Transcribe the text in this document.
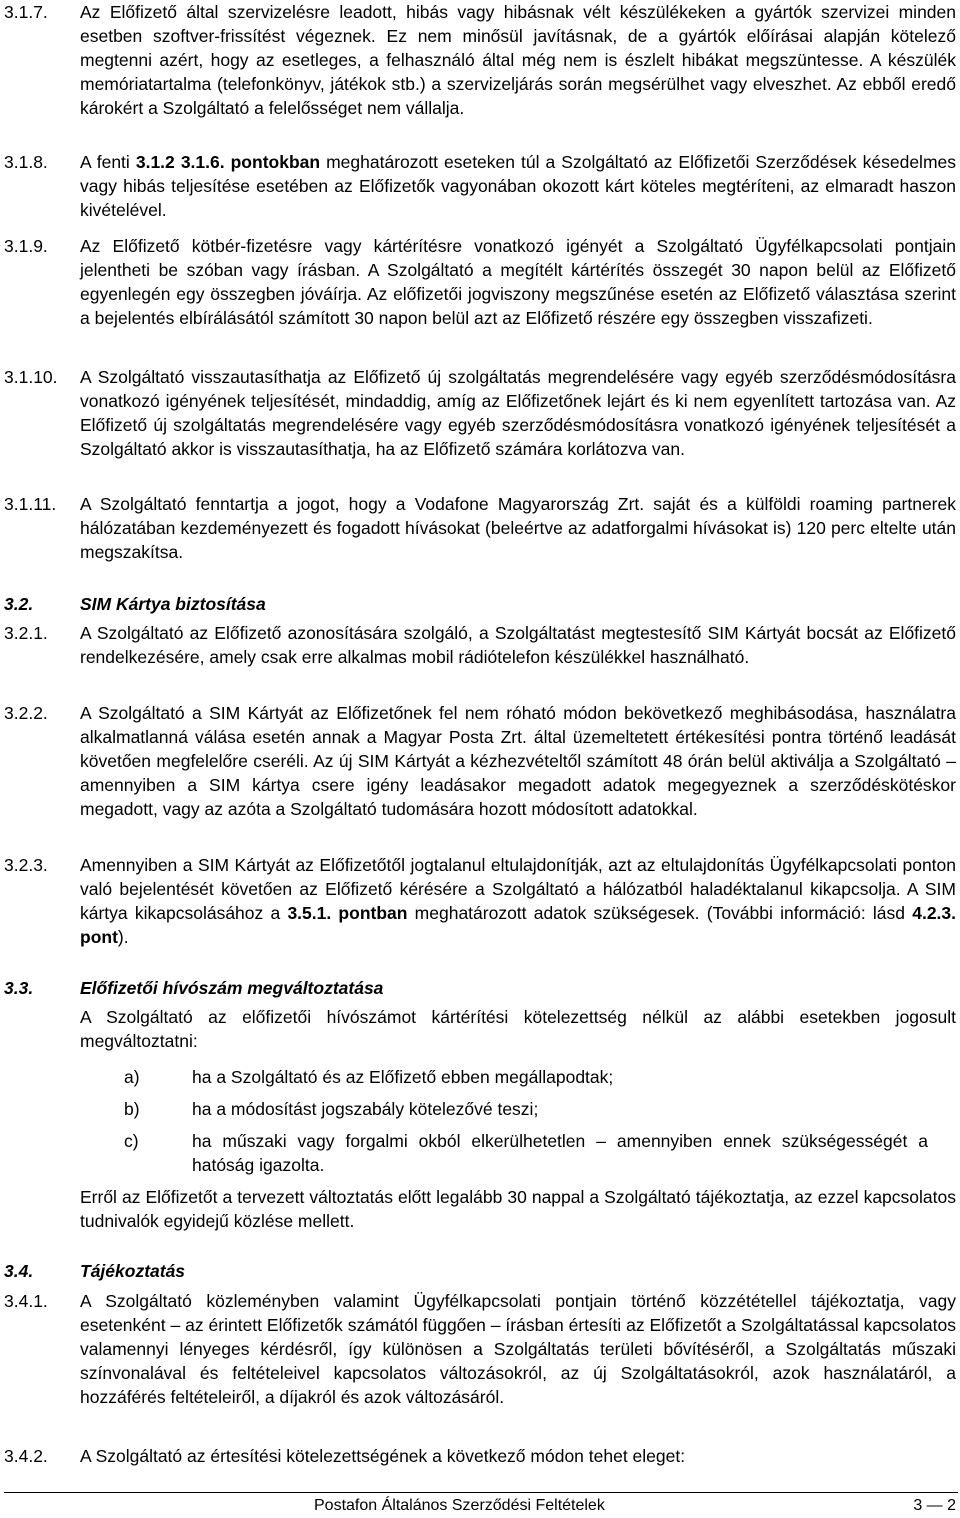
3.1.7. Az Előfizető által szervizelésre leadott, hibás vagy hibásnak vélt készülékeken a gyártók szervizei minden esetben szoftver-frissítést végeznek. Ez nem minősül javításnak, de a gyártók előírásai alapján kötelező megtenni azért, hogy az esetleges, a felhasználó által még nem is észlelt hibákat megszüntesse. A készülék memóriatartalma (telefonkönyv, játékok stb.) a szervizeljárás során megsérülhet vagy elveszhet. Az ebből eredő károkért a Szolgáltató a felelősséget nem vállalja.
3.1.8. A fenti 3.1.2 3.1.6. pontokban meghatározott eseteken túl a Szolgáltató az Előfizetői Szerződések késedelmes vagy hibás teljesítése esetében az Előfizetők vagyonában okozott kárt köteles megtéríteni, az elmaradt haszon kivételével.
3.1.9. Az Előfizető kötbér-fizetésre vagy kártérítésre vonatkozó igényét a Szolgáltató Ügyfélkapcsolati pontjain jelentheti be szóban vagy írásban. A Szolgáltató a megítélt kártérítés összegét 30 napon belül az Előfizető egyenlegén egy összegben jóváírja. Az előfizetői jogviszony megszűnése esetén az Előfizető választása szerint a bejelentés elbírálásától számított 30 napon belül azt az Előfizető részére egy összegben visszafizeti.
3.1.10. A Szolgáltató visszautasíthatja az Előfizető új szolgáltatás megrendelésére vagy egyéb szerződésmódosításra vonatkozó igényének teljesítését, mindaddig, amíg az Előfizetőnek lejárt és ki nem egyenlített tartozása van. Az Előfizető új szolgáltatás megrendelésére vagy egyéb szerződésmódosításra vonatkozó igényének teljesítését a Szolgáltató akkor is visszautasíthatja, ha az Előfizető számára korlátozva van.
3.1.11. A Szolgáltató fenntartja a jogot, hogy a Vodafone Magyarország Zrt. saját és a külföldi roaming partnerek hálózatában kezdeményezett és fogadott hívásokat (beleértve az adatforgalmi hívásokat is) 120 perc eltelte után megszakítsa.
3.2.	SIM Kártya biztosítása
3.2.1. A Szolgáltató az Előfizető azonosítására szolgáló, a Szolgáltatást megtestesítő SIM Kártyát bocsát az Előfizető rendelkezésére, amely csak erre alkalmas mobil rádiótelefon készülékkel használható.
3.2.2. A Szolgáltató a SIM Kártyát az Előfizetőnek fel nem róható módon bekövetkező meghibásodása, használatra alkalmatlanná válása esetén annak a Magyar Posta Zrt. által üzemeltetett értékesítési pontra történő leadását követően megfelelőre cseréli. Az új SIM Kártyát a kézhezvételtől számított 48 órán belül aktiválja a Szolgáltató – amennyiben a SIM kártya csere igény leadásakor megadott adatok megegyeznek a szerződéskötéskor megadott, vagy az azóta a Szolgáltató tudomására hozott módosított adatokkal.
3.2.3. Amennyiben a SIM Kártyát az Előfizetőtől jogtalanul eltulajdonítják, azt az eltulajdonítás Ügyfélkapcsolati ponton való bejelentését követően az Előfizető kérésére a Szolgáltató a hálózatból haladéktalanul kikapcsolja. A SIM kártya kikapcsolásához a 3.5.1. pontban meghatározott adatok szükségesek. (További információ: lásd 4.2.3. pont).
3.3.	Előfizetői hívószám megváltoztatása
A Szolgáltató az előfizetői hívószámot kártérítési kötelezettség nélkül az alábbi esetekben jogosult megváltoztatni:
a)	ha a Szolgáltató és az Előfizető ebben megállapodtak;
b)	ha a módosítást jogszabály kötelezővé teszi;
c)	ha műszaki vagy forgalmi okból elkerülhetetlen – amennyiben ennek szükségességét a hatóság igazolta.
Erről az Előfizetőt a tervezett változtatás előtt legalább 30 nappal a Szolgáltató tájékoztatja, az ezzel kapcsolatos tudnivalók egyidejű közlése mellett.
3.4.	Tájékoztatás
3.4.1. A Szolgáltató közleményben valamint Ügyfélkapcsolati pontjain történő közzététellel tájékoztatja, vagy esetenként – az érintett Előfizetők számától függően – írásban értesíti az Előfizetőt a Szolgáltatással kapcsolatos valamennyi lényeges kérdésről, így különösen a Szolgáltatás területi bővítéséről, a Szolgáltatás műszaki színvonalával és feltételeivel kapcsolatos változásokról, az új Szolgáltatásokról, azok használatáról, a hozzáférés feltételeiről, a díjakról és azok változásáról.
3.4.2. A Szolgáltató az értesítési kötelezettségének a következő módon tehet eleget:
Postafon Általános Szerződési Feltételek	3 — 2
